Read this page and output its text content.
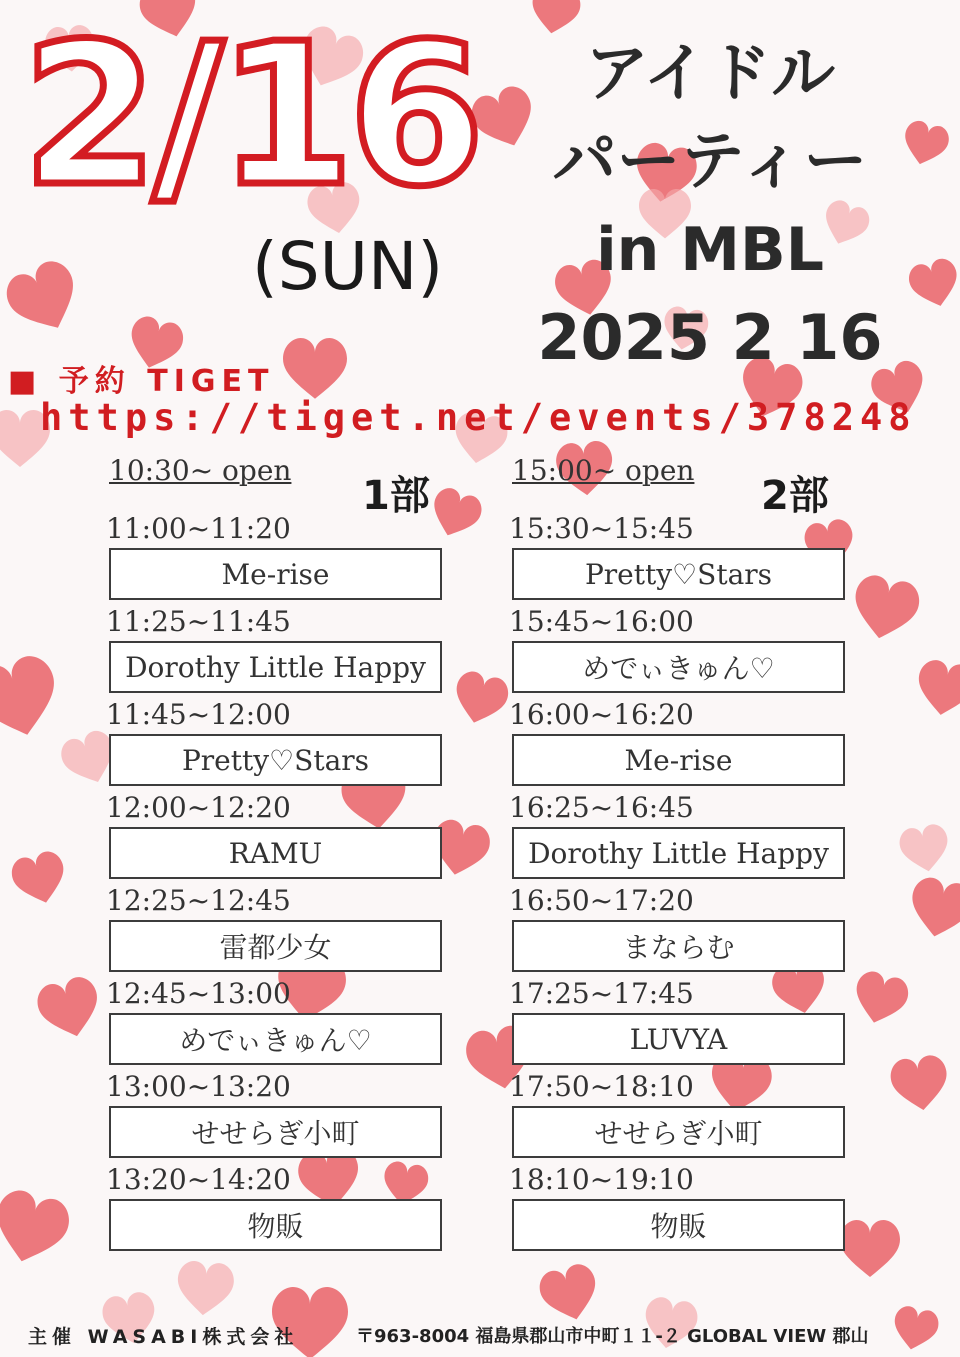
2/16
(SUN)
アイドル
パーティー
in MBL
2025 2 16
■ 予約 TIGET
https://tiget.net/events/378248
10:30~ open
1部
11:00~11:20
Me-rise
11:25~11:45
Dorothy Little Happy
11:45~12:00
Pretty♡Stars
12:00~12:20
RAMU
12:25~12:45
雷都少女
12:45~13:00
めでぃきゅん♡
13:00~13:20
せせらぎ小町
13:20~14:20
物販
15:00~ open
2部
15:30~15:45
Pretty♡Stars
15:45~16:00
めでぃきゅん♡
16:00~16:20
Me-rise
16:25~16:45
Dorothy Little Happy
16:50~17:20
まならむ
17:25~17:45
LUVYA
17:50~18:10
せせらぎ小町
18:10~19:10
物販
主催 WASABI株式会社	〒963-8004 福島県郡山市中町１１-２ GLOBAL VIEW 郡山
